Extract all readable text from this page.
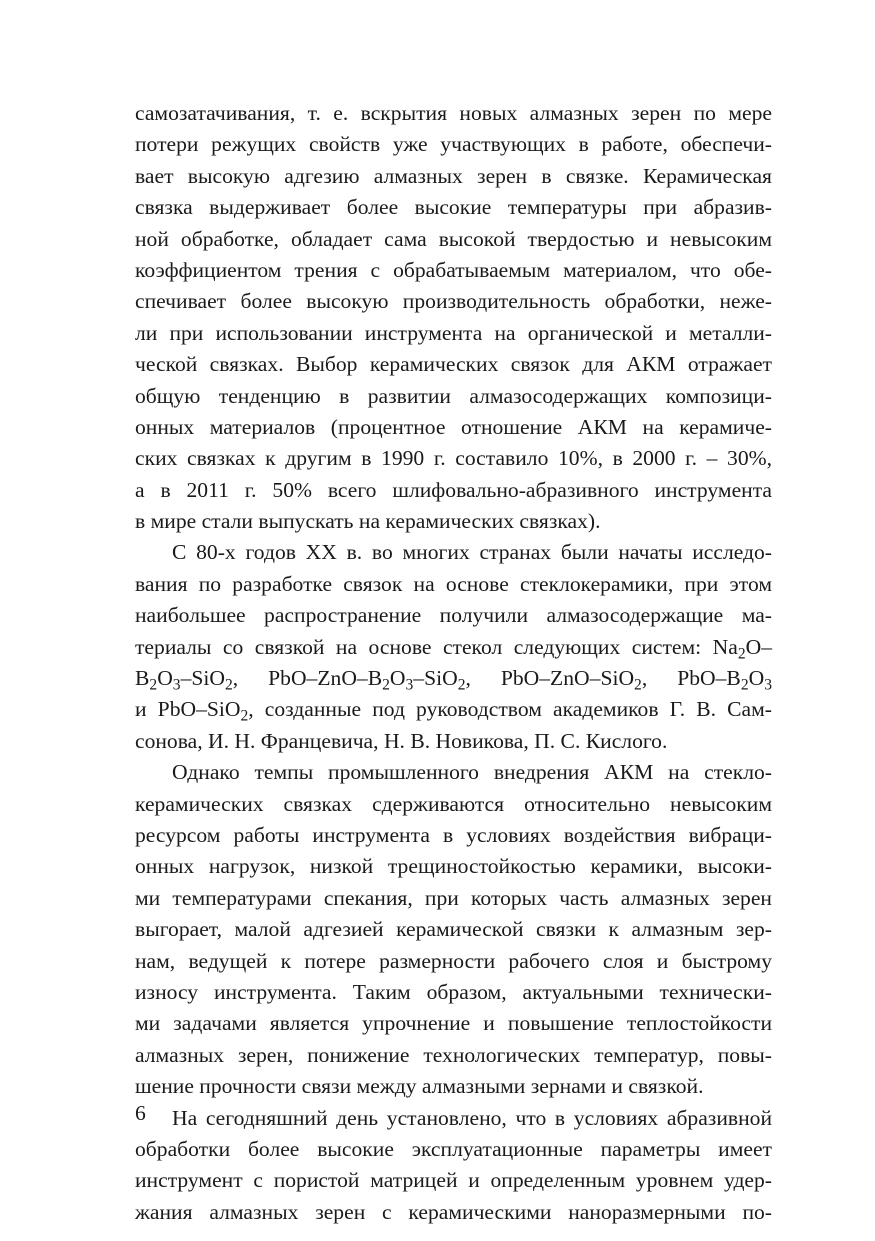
самозатачивания, т. е. вскрытия новых алмазных зерен по мере
потери режущих свойств уже участвующих в работе, обеспечи-
вает высокую адгезию алмазных зерен в связке. Керамическая
связка выдерживает более высокие температуры при абразив-
ной обработке, обладает сама высокой твердостью и невысоким
коэффициентом трения с обрабатываемым материалом, что обе-
спечивает более высокую производительность обработки, неже-
ли при использовании инструмента на органической и металли-
ческой связках. Выбор керамических связок для АКМ отражает
общую тенденцию в развитии алмазосодержащих композици-
онных материалов (процентное отношение АКМ на керамиче-
ских связках к другим в 1990 г. составило 10%, в 2000 г. – 30%,
а в 2011 г. 50% всего шлифовально-абразивного инструмента
в мире стали выпускать на керамических связках).
С 80-х годов XX в. во многих странах были начаты исследо-
вания по разработке связок на основе стеклокерамики, при этом
наибольшее распространение получили алмазосодержащие ма-
териалы со связкой на основе стекол следующих систем: $Na_2O-$
$B_2O_3-SiO_2$, PbO–$ZnO-B_2O_3-SiO_2$, PbO–ZnO–SiO$_2$, PbO–$B_2O_3$
и PbO–SiO$_2$, созданные под руководством академиков Г. В. Сам-
сонова, И. Н. Францевича, Н. В. Новикова, П. С. Кислого.
Однако темпы промышленного внедрения АКМ на стекло-
керамических связках сдерживаются относительно невысоким
ресурсом работы инструмента в условиях воздействия вибраци-
онных нагрузок, низкой трещиностойкостью керамики, высоки-
ми температурами спекания, при которых часть алмазных зерен
выгорает, малой адгезией керамической связки к алмазным зер-
нам, ведущей к потере размерности рабочего слоя и быстрому
износу инструмента. Таким образом, актуальными технически-
ми задачами является упрочнение и повышение теплостойкости
алмазных зерен, понижение технологических температур, повы-
шение прочности связи между алмазными зернами и связкой.
На сегодняшний день установлено, что в условиях абразивной
обработки более высокие эксплуатационные параметры имеет
инструмент с пористой матрицей и определенным уровнем удер-
жания алмазных зерен с керамическими наноразмерными по-
6
